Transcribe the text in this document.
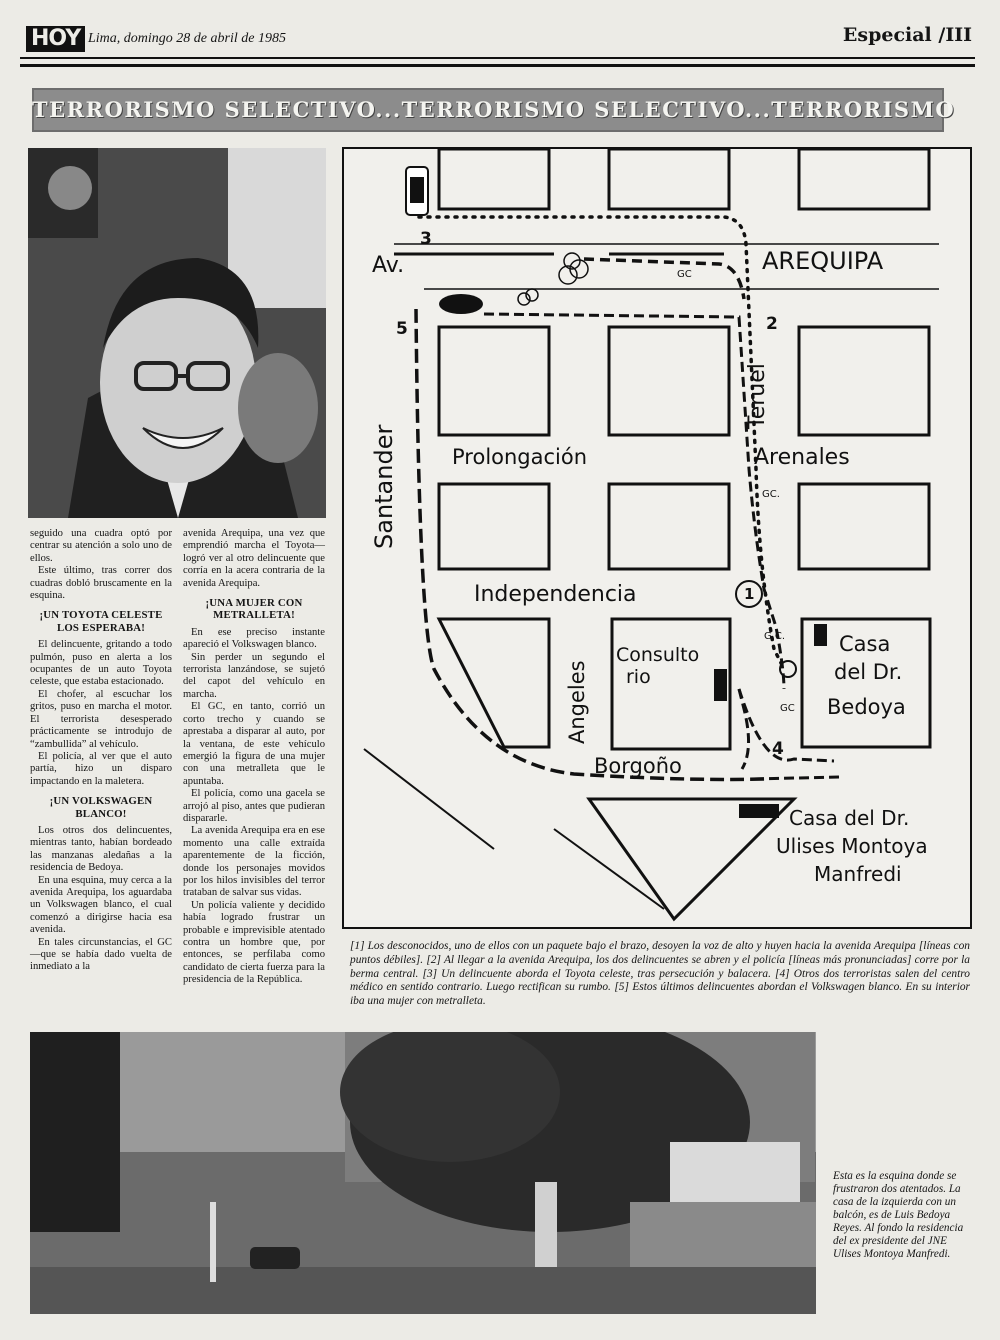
HOY Lima, domingo 28 de abril de 1985	Especial /III
TERRORISMO SELECTIVO...TERRORISMO SELECTIVO...TERRORISMO

seguido una cuadra optó por centrar su atención a solo uno de ellos.

Este último, tras correr dos cuadras dobló bruscamente en la esquina.

¡UN TOYOTA CELESTE LOS ESPERABA!

El delincuente, gritando a todo pulmón, puso en alerta a los ocupantes de un auto Toyota celeste, que estaba estacionado.

El chofer, al escuchar los gritos, puso en marcha el motor. El terrorista desesperado prácticamente se introdujo de “zambullida” al vehículo.

El policía, al ver que el auto partía, hizo un disparo impactando en la maletera.

¡UN VOLKSWAGEN BLANCO!

Los otros dos delincuentes, mientras tanto, habían bordeado las manzanas aledañas a la residencia de Bedoya.

En una esquina, muy cerca a la avenida Arequipa, los aguardaba un Volkswagen blanco, el cual comenzó a dirigirse hacia esa avenida.

En tales circunstancias, el GC —que se había dado vuelta de inmediato a la

avenida Arequipa, una vez que emprendió marcha el Toyota— logró ver al otro delincuente que corría en la acera contraria de la avenida Arequipa.

¡UNA MUJER CON METRALLETA!

En ese preciso instante apareció el Volkswagen blanco.

Sin perder un segundo el terrorista lanzándose, se sujetó del capot del vehículo en marcha.

El GC, en tanto, corrió un corto trecho y cuando se aprestaba a disparar al auto, por la ventana, de este vehículo emergió la figura de una mujer con una metralleta que le apuntaba.

El policía, como una gacela se arrojó al piso, antes que pudieran dispararle.

La avenida Arequipa era en ese momento una calle extraída aparentemente de la ficción, donde los personajes movidos por los hilos invisibles del terror trataban de salvar sus vidas.

Un policía valiente y decidido había logrado frustrar un probable e imprevisible atentado contra un hombre que, por entonces, se perfilaba como candidato de cierta fuerza para la presidencia de la República.

Av.	AREQUIPA
Teruel
Santander	Prolongación	Arenales
Independencia
Angeles
Borgoño
Consulto
rio
Casa
del Dr.
Bedoya
Casa del Dr.
Ulises Montoya
Manfredi
GC
GC.
G.C.
GC
1
2
3
4
5
[1] Los desconocidos, uno de ellos con un paquete bajo el brazo, desoyen la voz de alto y huyen hacia la avenida Arequipa [líneas con puntos débiles]. [2] Al llegar a la avenida Arequipa, los dos delincuentes se abren y el policía [líneas más pronunciadas] corre por la berma central. [3] Un delincuente aborda el Toyota celeste, tras persecución y balacera. [4] Otros dos terroristas salen del centro médico en sentido contrario. Luego rectifican su rumbo. [5] Estos últimos delincuentes abordan el Volkswagen blanco. En su interior iba una mujer con metralleta.
Esta es la esquina donde se frustraron dos atentados. La casa de la izquierda con un balcón, es de Luis Bedoya Reyes. Al fondo la residencia del ex presidente del JNE Ulises Montoya Manfredi.
